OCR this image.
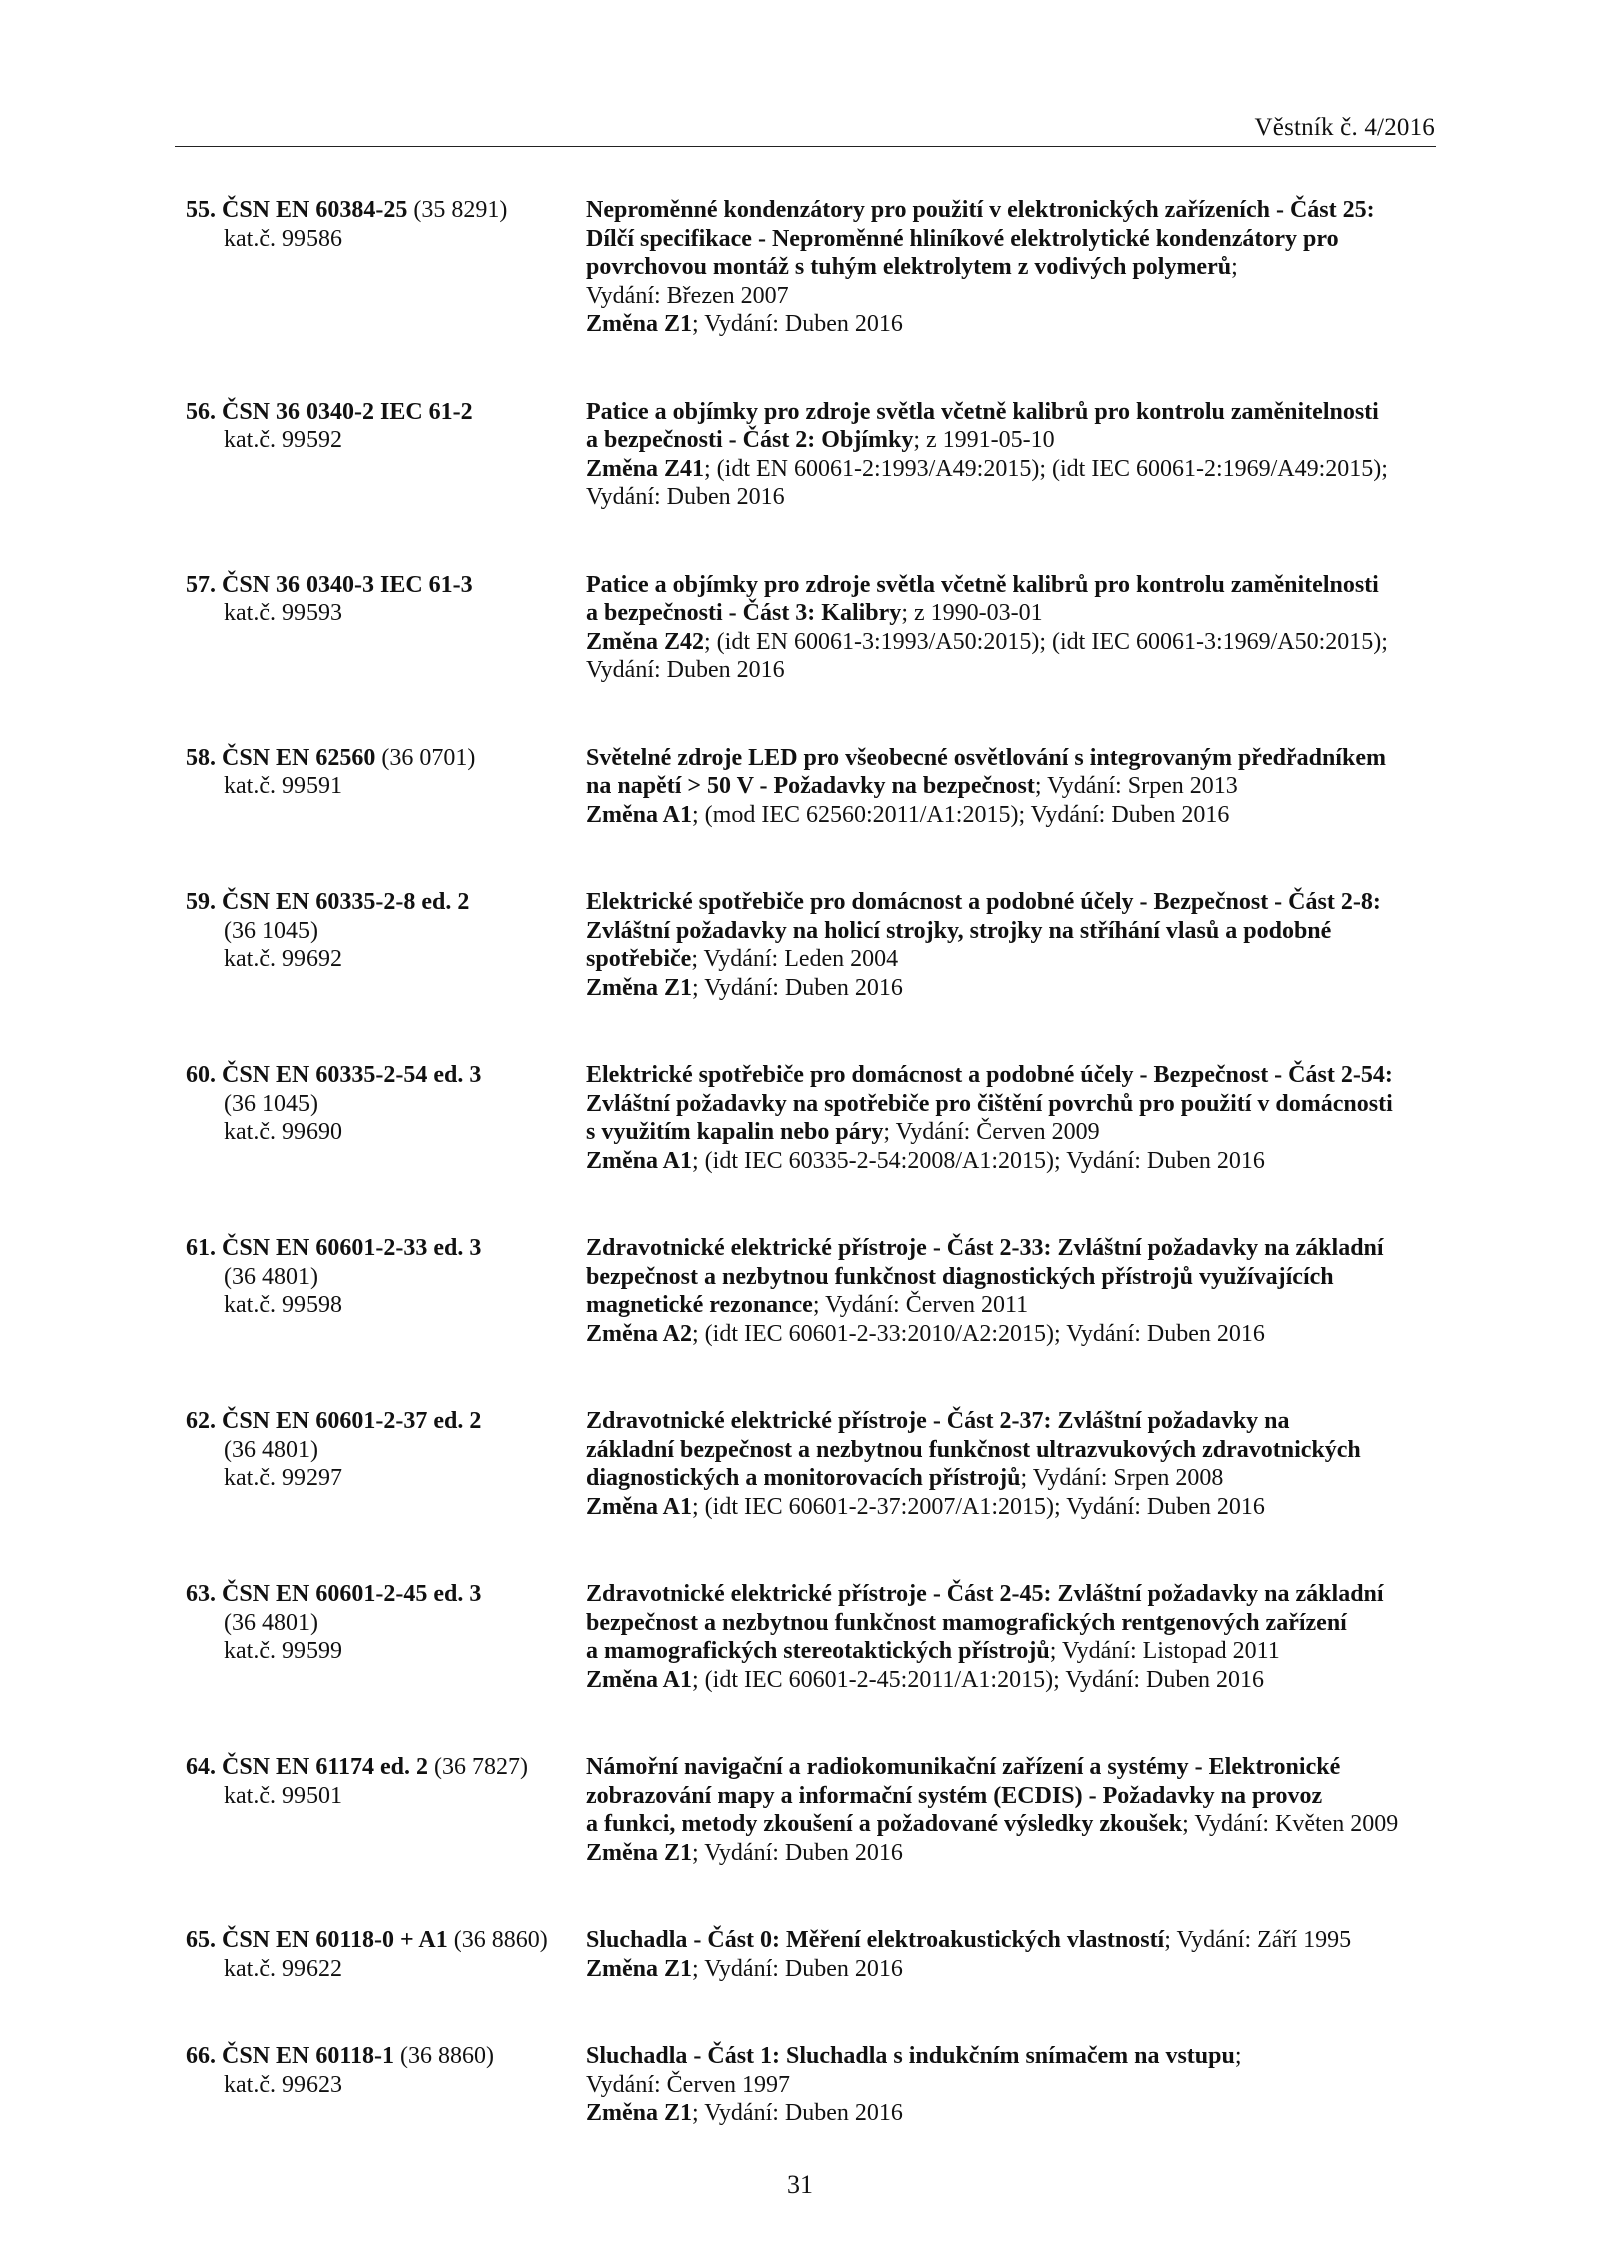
Věstník č. 4/2016
55. ČSN EN 60384-25 (35 8291)
kat.č. 99586
Neproměnné kondenzátory pro použití v elektronických zařízeních - Část 25:
Dílčí specifikace - Neproměnné hliníkové elektrolytické kondenzátory pro
povrchovou montáž s tuhým elektrolytem z vodivých polymerů;
Vydání: Březen 2007
Změna Z1; Vydání: Duben 2016
56. ČSN 36 0340-2 IEC 61-2
kat.č. 99592
Patice a objímky pro zdroje světla včetně kalibrů pro kontrolu zaměnitelnosti
a bezpečnosti - Část 2: Objímky; z 1991-05-10
Změna Z41; (idt EN 60061-2:1993/A49:2015); (idt IEC 60061-2:1969/A49:2015);
Vydání: Duben 2016
57. ČSN 36 0340-3 IEC 61-3
kat.č. 99593
Patice a objímky pro zdroje světla včetně kalibrů pro kontrolu zaměnitelnosti
a bezpečnosti - Část 3: Kalibry; z 1990-03-01
Změna Z42; (idt EN 60061-3:1993/A50:2015); (idt IEC 60061-3:1969/A50:2015);
Vydání: Duben 2016
58. ČSN EN 62560 (36 0701)
kat.č. 99591
Světelné zdroje LED pro všeobecné osvětlování s integrovaným předřadníkem
na napětí > 50 V - Požadavky na bezpečnost; Vydání: Srpen 2013
Změna A1; (mod IEC 62560:2011/A1:2015); Vydání: Duben 2016
59. ČSN EN 60335-2-8 ed. 2
(36 1045)
kat.č. 99692
Elektrické spotřebiče pro domácnost a podobné účely - Bezpečnost - Část 2-8:
Zvláštní požadavky na holicí strojky, strojky na stříhání vlasů a podobné
spotřebiče; Vydání: Leden 2004
Změna Z1; Vydání: Duben 2016
60. ČSN EN 60335-2-54 ed. 3
(36 1045)
kat.č. 99690
Elektrické spotřebiče pro domácnost a podobné účely - Bezpečnost - Část 2-54:
Zvláštní požadavky na spotřebiče pro čištění povrchů pro použití v domácnosti
s využitím kapalin nebo páry; Vydání: Červen 2009
Změna A1; (idt IEC 60335-2-54:2008/A1:2015); Vydání: Duben 2016
61. ČSN EN 60601-2-33 ed. 3
(36 4801)
kat.č. 99598
Zdravotnické elektrické přístroje - Část 2-33: Zvláštní požadavky na základní
bezpečnost a nezbytnou funkčnost diagnostických přístrojů využívajících
magnetické rezonance; Vydání: Červen 2011
Změna A2; (idt IEC 60601-2-33:2010/A2:2015); Vydání: Duben 2016
62. ČSN EN 60601-2-37 ed. 2
(36 4801)
kat.č. 99297
Zdravotnické elektrické přístroje - Část 2-37: Zvláštní požadavky na
základní bezpečnost a nezbytnou funkčnost ultrazvukových zdravotnických
diagnostických a monitorovacích přístrojů; Vydání: Srpen 2008
Změna A1; (idt IEC 60601-2-37:2007/A1:2015); Vydání: Duben 2016
63. ČSN EN 60601-2-45 ed. 3
(36 4801)
kat.č. 99599
Zdravotnické elektrické přístroje - Část 2-45: Zvláštní požadavky na základní
bezpečnost a nezbytnou funkčnost mamografických rentgenových zařízení
a mamografických stereotaktických přístrojů; Vydání: Listopad 2011
Změna A1; (idt IEC 60601-2-45:2011/A1:2015); Vydání: Duben 2016
64. ČSN EN 61174 ed. 2 (36 7827)
kat.č. 99501
Námořní navigační a radiokomunikační zařízení a systémy - Elektronické
zobrazování mapy a informační systém (ECDIS) - Požadavky na provoz
a funkci, metody zkoušení a požadované výsledky zkoušek; Vydání: Květen 2009
Změna Z1; Vydání: Duben 2016
65. ČSN EN 60118-0 + A1 (36 8860)
kat.č. 99622
Sluchadla - Část 0: Měření elektroakustických vlastností; Vydání: Září 1995
Změna Z1; Vydání: Duben 2016
66. ČSN EN 60118-1 (36 8860)
kat.č. 99623
Sluchadla - Část 1: Sluchadla s indukčním snímačem na vstupu;
Vydání: Červen 1997
Změna Z1; Vydání: Duben 2016
31
